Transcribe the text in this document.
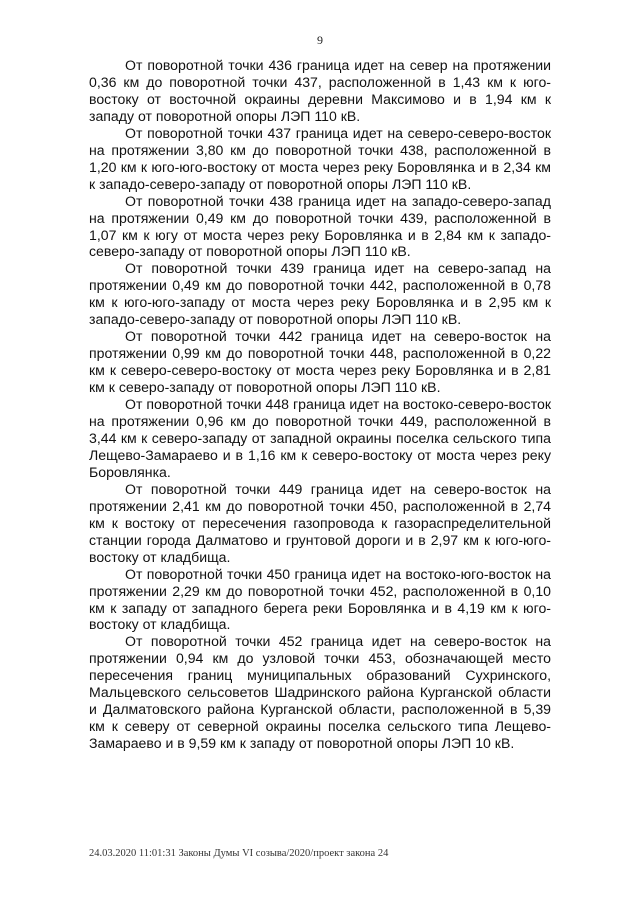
9

От поворотной точки 436 граница идет на север на протяжении 0,36 км до поворотной точки 437, расположенной в 1,43 км к юго-востоку от восточной окраины деревни Максимово и в 1,94 км к западу от поворотной опоры ЛЭП 110 кВ.

От поворотной точки 437 граница идет на северо-северо-восток на протяжении 3,80 км до поворотной точки 438, расположенной в 1,20 км к юго-юго-востоку от моста через реку Боровлянка и в 2,34 км к западо-северо-западу от поворотной опоры ЛЭП 110 кВ.

От поворотной точки 438 граница идет на западо-северо-запад на протяжении 0,49 км до поворотной точки 439, расположенной в 1,07 км к югу от моста через реку Боровлянка и в 2,84 км к западо-северо-западу от поворотной опоры ЛЭП 110 кВ.

От поворотной точки 439 граница идет на северо-запад на протяжении 0,49 км до поворотной точки 442, расположенной в 0,78 км к юго-юго-западу от моста через реку Боровлянка и в 2,95 км к западо-северо-западу от поворотной опоры ЛЭП 110 кВ.

От поворотной точки 442 граница идет на северо-восток на протяжении 0,99 км до поворотной точки 448, расположенной в 0,22 км к северо-северо-востоку от моста через реку Боровлянка и в 2,81 км к северо-западу от поворотной опоры ЛЭП 110 кВ.

От поворотной точки 448 граница идет на востоко-северо-восток на протяжении 0,96 км до поворотной точки 449, расположенной в 3,44 км к северо-западу от западной окраины поселка сельского типа Лещево-Замараево и в 1,16 км к северо-востоку от моста через реку Боровлянка.

От поворотной точки 449 граница идет на северо-восток на протяжении 2,41 км до поворотной точки 450, расположенной в 2,74 км к востоку от пересечения газопровода к газораспределительной станции города Далматово и грунтовой дороги и в 2,97 км к юго-юго-востоку от кладбища.

От поворотной точки 450 граница идет на востоко-юго-восток на протяжении 2,29 км до поворотной точки 452, расположенной в 0,10 км к западу от западного берега реки Боровлянка и в 4,19 км к юго-востоку от кладбища.

От поворотной точки 452 граница идет на северо-восток на протяжении 0,94 км до узловой точки 453, обозначающей место пересечения границ муниципальных образований Сухринского, Мальцевского сельсоветов Шадринского района Курганской области и Далматовского района Курганской области, расположенной в 5,39 км к северу от северной окраины поселка сельского типа Лещево-Замараево и в 9,59 км к западу от поворотной опоры ЛЭП 10 кВ.

24.03.2020 11:01:31 Законы Думы VI созыва/2020/проект закона 24
